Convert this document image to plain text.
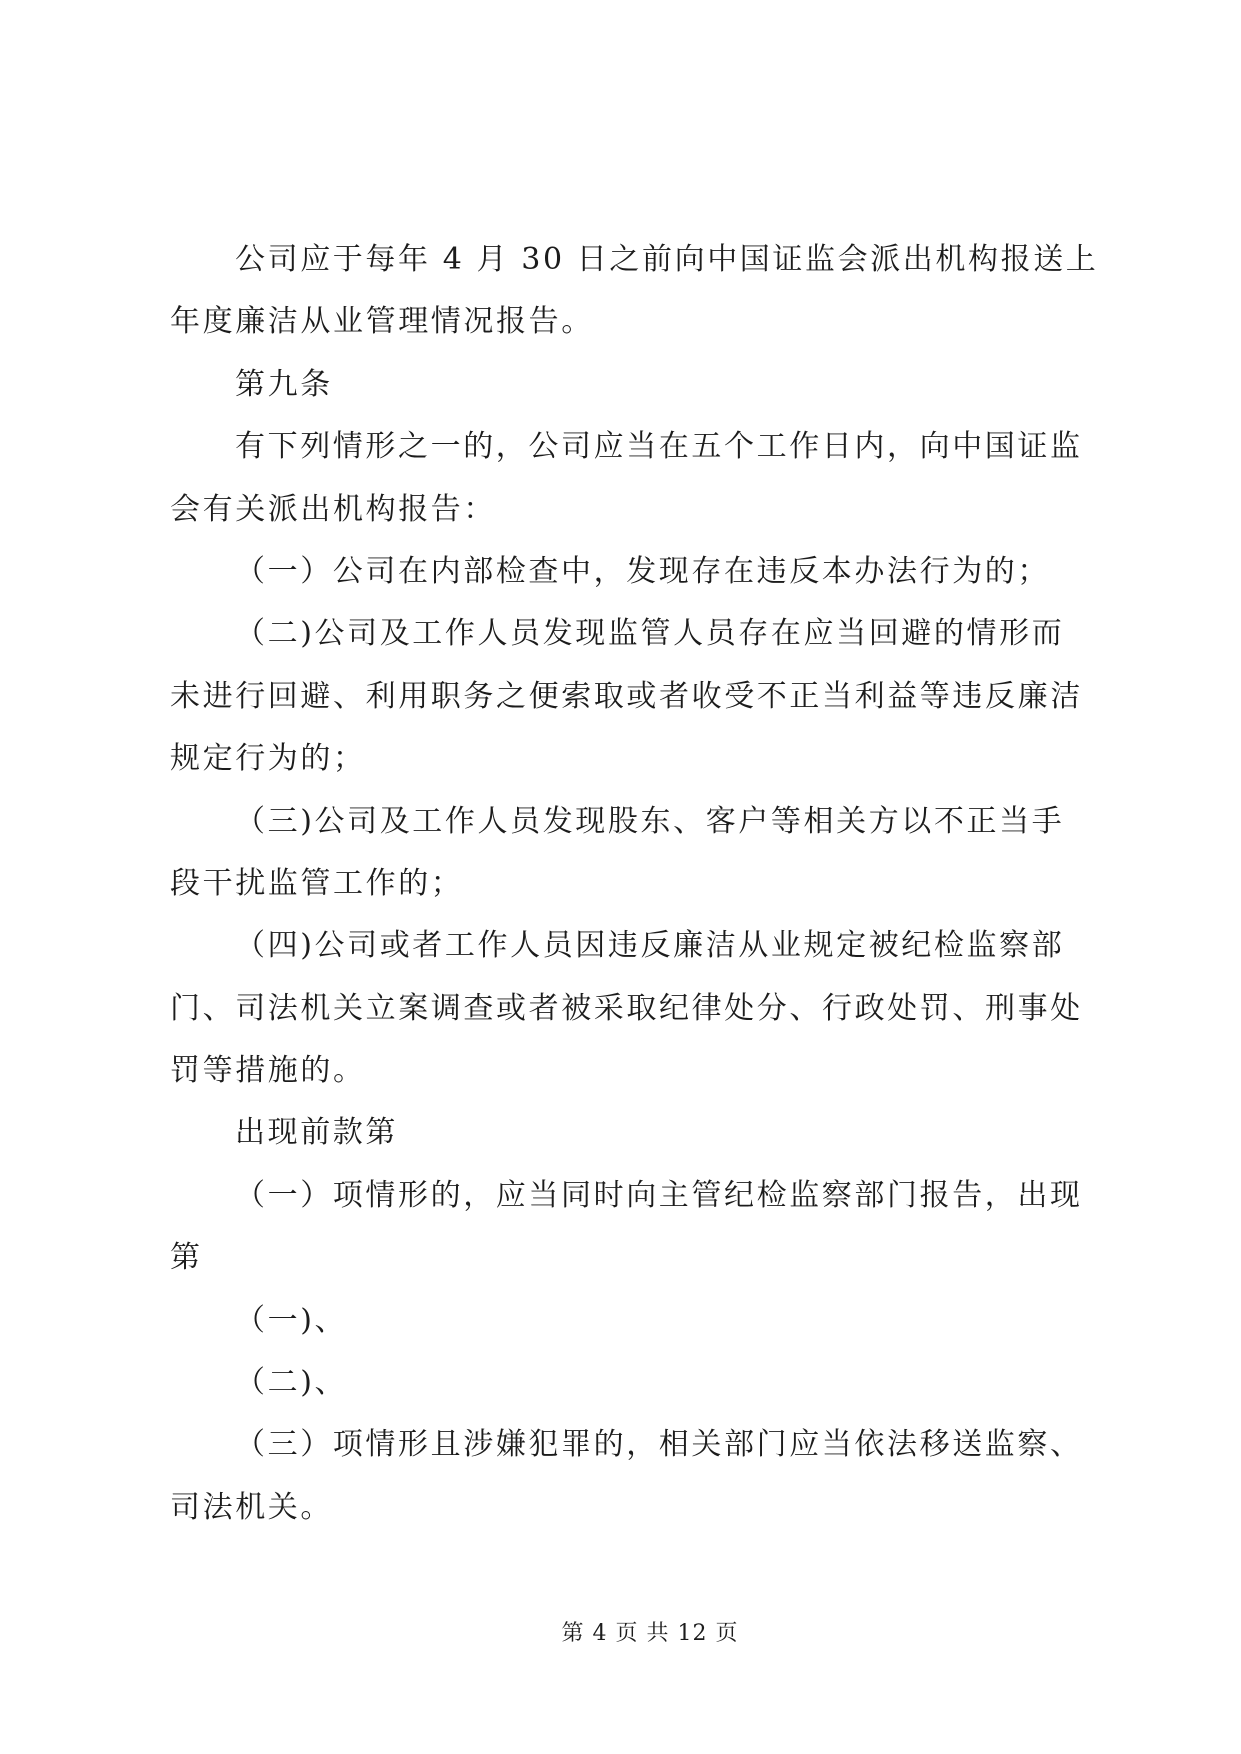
公司应于每年 4 月 30 日之前向中国证监会派出机构报送上
年度廉洁从业管理情况报告。
第九条
有下列情形之一的，公司应当在五个工作日内，向中国证监
会有关派出机构报告：
（一）公司在内部检查中，发现存在违反本办法行为的；
（二)公司及工作人员发现监管人员存在应当回避的情形而
未进行回避、利用职务之便索取或者收受不正当利益等违反廉洁
规定行为的；
（三)公司及工作人员发现股东、客户等相关方以不正当手
段干扰监管工作的；
（四)公司或者工作人员因违反廉洁从业规定被纪检监察部
门、司法机关立案调查或者被采取纪律处分、行政处罚、刑事处
罚等措施的。
出现前款第
（一）项情形的，应当同时向主管纪检监察部门报告，出现
第
（一)、
（二)、
（三）项情形且涉嫌犯罪的，相关部门应当依法移送监察、
司法机关。
第 4 页 共 12 页
